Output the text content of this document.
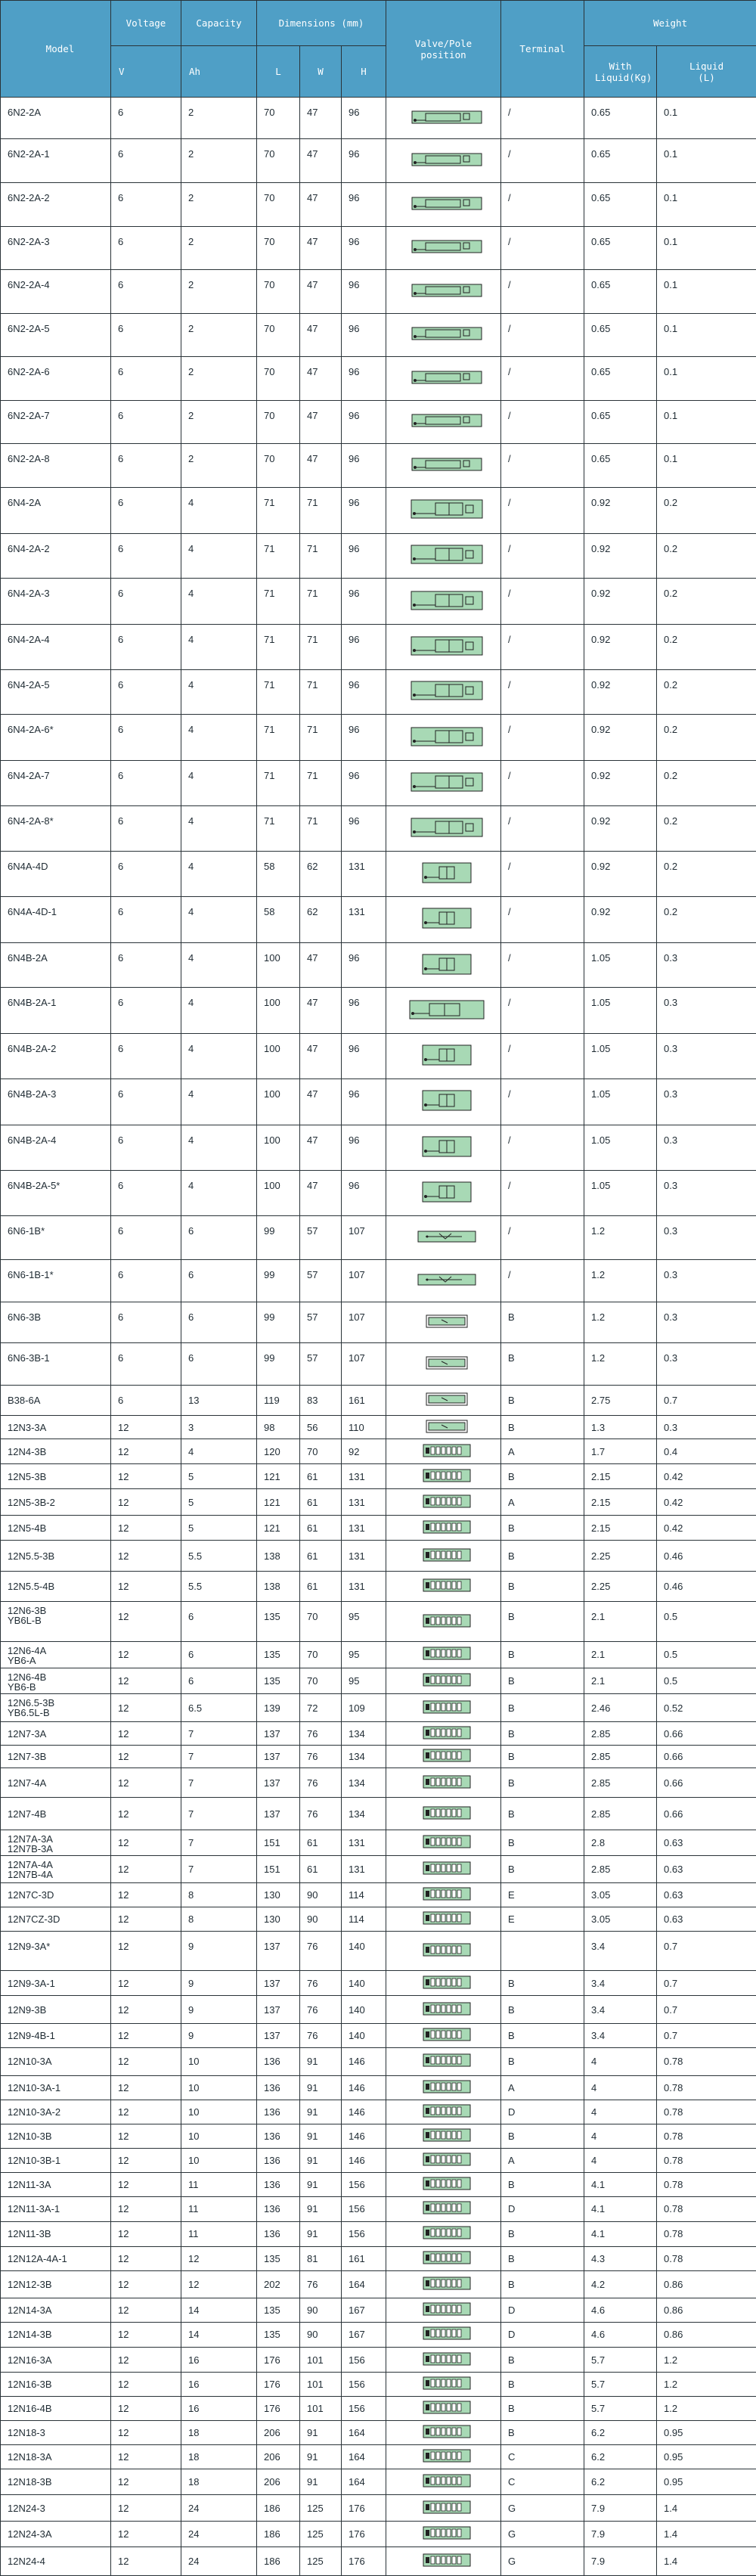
Model	Voltage	Capacity	Dimensions (mm)			Valve/Pole position	Terminal	Weight	
	V	Ah	L	W	H			With Liquid(Kg)	Liquid (L)
6N2-2A	6	2	70	47	96		/	0.65	0.1
6N2-2A-1	6	2	70	47	96		/	0.65	0.1
6N2-2A-2	6	2	70	47	96		/	0.65	0.1
6N2-2A-3	6	2	70	47	96		/	0.65	0.1
6N2-2A-4	6	2	70	47	96		/	0.65	0.1
6N2-2A-5	6	2	70	47	96		/	0.65	0.1
6N2-2A-6	6	2	70	47	96		/	0.65	0.1
6N2-2A-7	6	2	70	47	96		/	0.65	0.1
6N2-2A-8	6	2	70	47	96		/	0.65	0.1
6N4-2A	6	4	71	71	96		/	0.92	0.2
6N4-2A-2	6	4	71	71	96		/	0.92	0.2
6N4-2A-3	6	4	71	71	96		/	0.92	0.2
6N4-2A-4	6	4	71	71	96		/	0.92	0.2
6N4-2A-5	6	4	71	71	96		/	0.92	0.2
6N4-2A-6*	6	4	71	71	96		/	0.92	0.2
6N4-2A-7	6	4	71	71	96		/	0.92	0.2
6N4-2A-8*	6	4	71	71	96		/	0.92	0.2
6N4A-4D	6	4	58	62	131		/	0.92	0.2
6N4A-4D-1	6	4	58	62	131		/	0.92	0.2
6N4B-2A	6	4	100	47	96		/	1.05	0.3
6N4B-2A-1	6	4	100	47	96		/	1.05	0.3
6N4B-2A-2	6	4	100	47	96		/	1.05	0.3
6N4B-2A-3	6	4	100	47	96		/	1.05	0.3
6N4B-2A-4	6	4	100	47	96		/	1.05	0.3
6N4B-2A-5*	6	4	100	47	96		/	1.05	0.3
6N6-1B*	6	6	99	57	107		/	1.2	0.3
6N6-1B-1*	6	6	99	57	107		/	1.2	0.3
6N6-3B	6	6	99	57	107		B	1.2	0.3
6N6-3B-1	6	6	99	57	107		B	1.2	0.3
B38-6A	6	13	119	83	161		B	2.75	0.7
12N3-3A	12	3	98	56	110		B	1.3	0.3
12N4-3B	12	4	120	70	92		A	1.7	0.4
12N5-3B	12	5	121	61	131		B	2.15	0.42
12N5-3B-2	12	5	121	61	131		A	2.15	0.42
12N5-4B	12	5	121	61	131		B	2.15	0.42
12N5.5-3B	12	5.5	138	61	131		B	2.25	0.46
12N5.5-4B	12	5.5	138	61	131		B	2.25	0.46

12N6-3B
YB6L-B	12	6	135	70	95		B	2.1	0.5

12N6-4A
YB6-A	12	6	135	70	95		B	2.1	0.5

12N6-4B
YB6-B	12	6	135	70	95		B	2.1	0.5

12N6.5-3B
YB6.5L-B	12	6.5	139	72	109		B	2.46	0.52
12N7-3A	12	7	137	76	134		B	2.85	0.66
12N7-3B	12	7	137	76	134		B	2.85	0.66
12N7-4A	12	7	137	76	134		B	2.85	0.66
12N7-4B	12	7	137	76	134		B	2.85	0.66

12N7A-3A
12N7B-3A	12	7	151	61	131		B	2.8	0.63

12N7A-4A
12N7B-4A	12	7	151	61	131		B	2.85	0.63
12N7C-3D	12	8	130	90	114		E	3.05	0.63
12N7CZ-3D	12	8	130	90	114		E	3.05	0.63
12N9-3A*	12	9	137	76	140			3.4	0.7
12N9-3A-1	12	9	137	76	140		B	3.4	0.7
12N9-3B	12	9	137	76	140		B	3.4	0.7
12N9-4B-1	12	9	137	76	140		B	3.4	0.7
12N10-3A	12	10	136	91	146		B	4	0.78
12N10-3A-1	12	10	136	91	146		A	4	0.78
12N10-3A-2	12	10	136	91	146		D	4	0.78
12N10-3B	12	10	136	91	146		B	4	0.78
12N10-3B-1	12	10	136	91	146		A	4	0.78
12N11-3A	12	11	136	91	156		B	4.1	0.78
12N11-3A-1	12	11	136	91	156		D	4.1	0.78
12N11-3B	12	11	136	91	156		B	4.1	0.78
12N12A-4A-1	12	12	135	81	161		B	4.3	0.78
12N12-3B	12	12	202	76	164		B	4.2	0.86
12N14-3A	12	14	135	90	167		D	4.6	0.86
12N14-3B	12	14	135	90	167		D	4.6	0.86
12N16-3A	12	16	176	101	156		B	5.7	1.2
12N16-3B	12	16	176	101	156		B	5.7	1.2
12N16-4B	12	16	176	101	156		B	5.7	1.2
12N18-3	12	18	206	91	164		B	6.2	0.95
12N18-3A	12	18	206	91	164		C	6.2	0.95
12N18-3B	12	18	206	91	164		C	6.2	0.95
12N24-3	12	24	186	125	176		G	7.9	1.4
12N24-3A	12	24	186	125	176		G	7.9	1.4
12N24-4	12	24	186	125	176		G	7.9	1.4
